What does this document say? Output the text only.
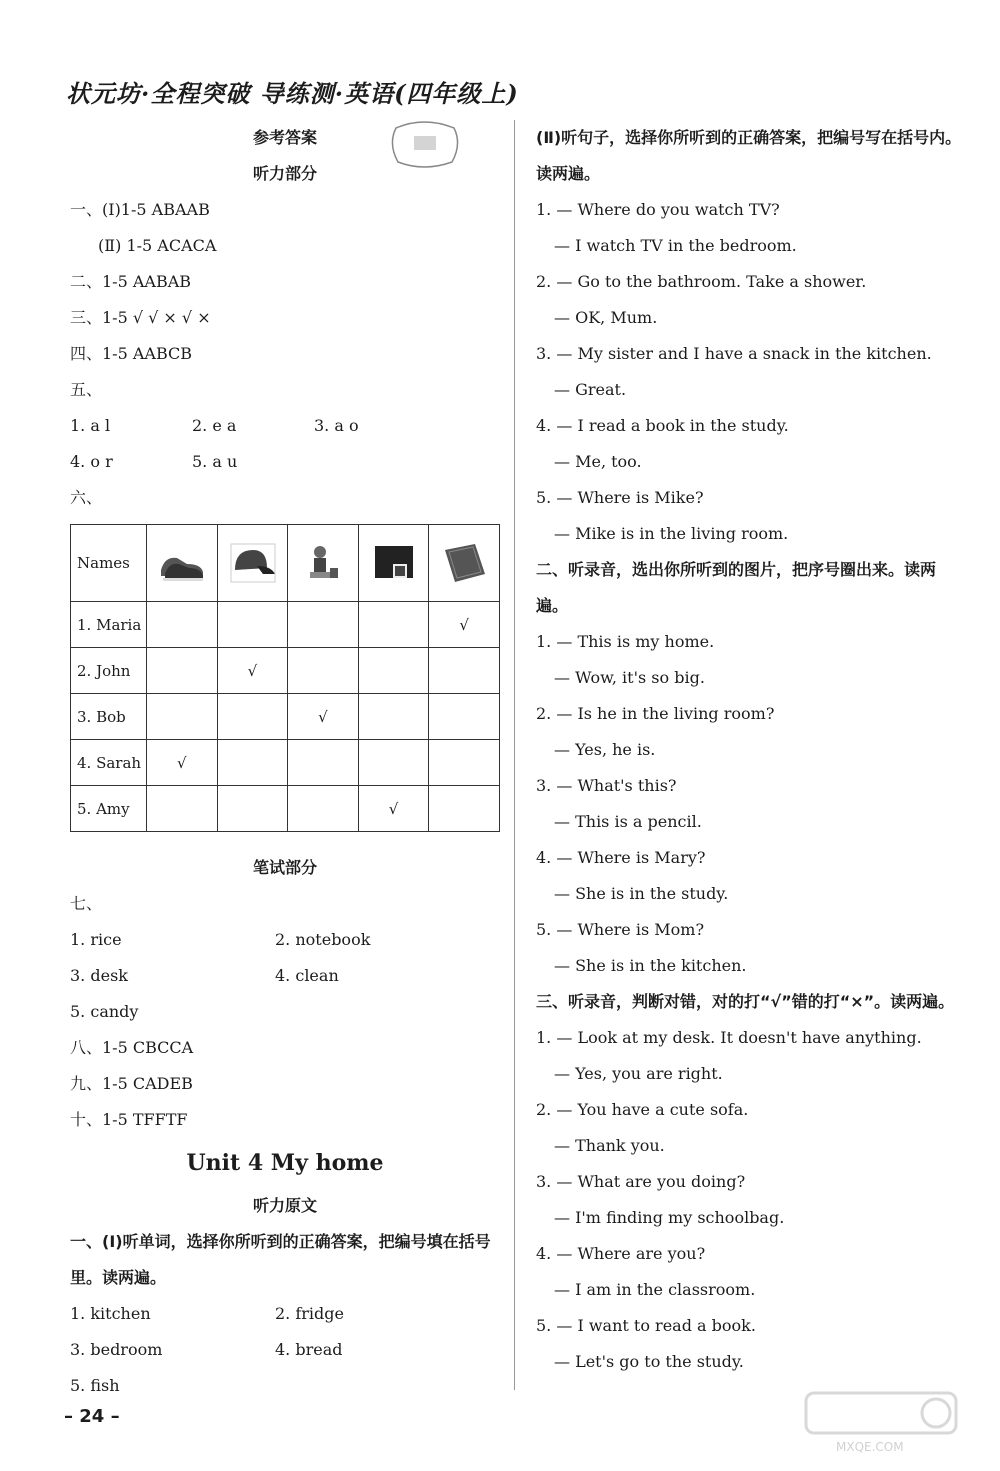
状元坊·全程突破 导练测·英语(四年级上)
参考答案
听力部分
一、(Ⅰ)1-5 ABAAB
(Ⅱ) 1-5 ACACA
二、1-5 AABAB
三、1-5 √ √ × √ ×
四、1-5 AABCB
五、
1. a l	2. e a	3. a o
4. o r	5. a u
六、
Names					
1. Maria					√
2. John		√			
3. Bob			√		
4. Sarah	√				
5. Amy				√	
笔试部分
七、
1. rice	2. notebook
3. desk	4. clean
5. candy
八、1-5 CBCCA
九、1-5 CADEB
十、1-5 TFFTF
Unit 4 My home
听力原文
一、(Ⅰ)听单词，选择你所听到的正确答案，把编号填在括号里。读两遍。
1. kitchen	2. fridge
3. bedroom	4. bread
5. fish
(Ⅱ)听句子，选择你所听到的正确答案，把编号写在括号内。读两遍。
1. — Where do you watch TV?
— I watch TV in the bedroom.
2. — Go to the bathroom. Take a shower.
— OK, Mum.
3. — My sister and I have a snack in the kitchen.
— Great.
4. — I read a book in the study.
— Me, too.
5. — Where is Mike?
— Mike is in the living room.
二、听录音，选出你所听到的图片，把序号圈出来。读两遍。
1. — This is my home.
— Wow, it's so big.
2. — Is he in the living room?
— Yes, he is.
3. — What's this?
— This is a pencil.
4. — Where is Mary?
— She is in the study.
5. — Where is Mom?
— She is in the kitchen.
三、听录音，判断对错，对的打“√”错的打“×”。读两遍。
1. — Look at my desk. It doesn't have anything.
— Yes, you are right.
2. — You have a cute sofa.
— Thank you.
3. — What are you doing?
— I'm finding my schoolbag.
4. — Where are you?
— I am in the classroom.
5. — I want to read a book.
— Let's go to the study.
– 24 –
MXQE.COM
